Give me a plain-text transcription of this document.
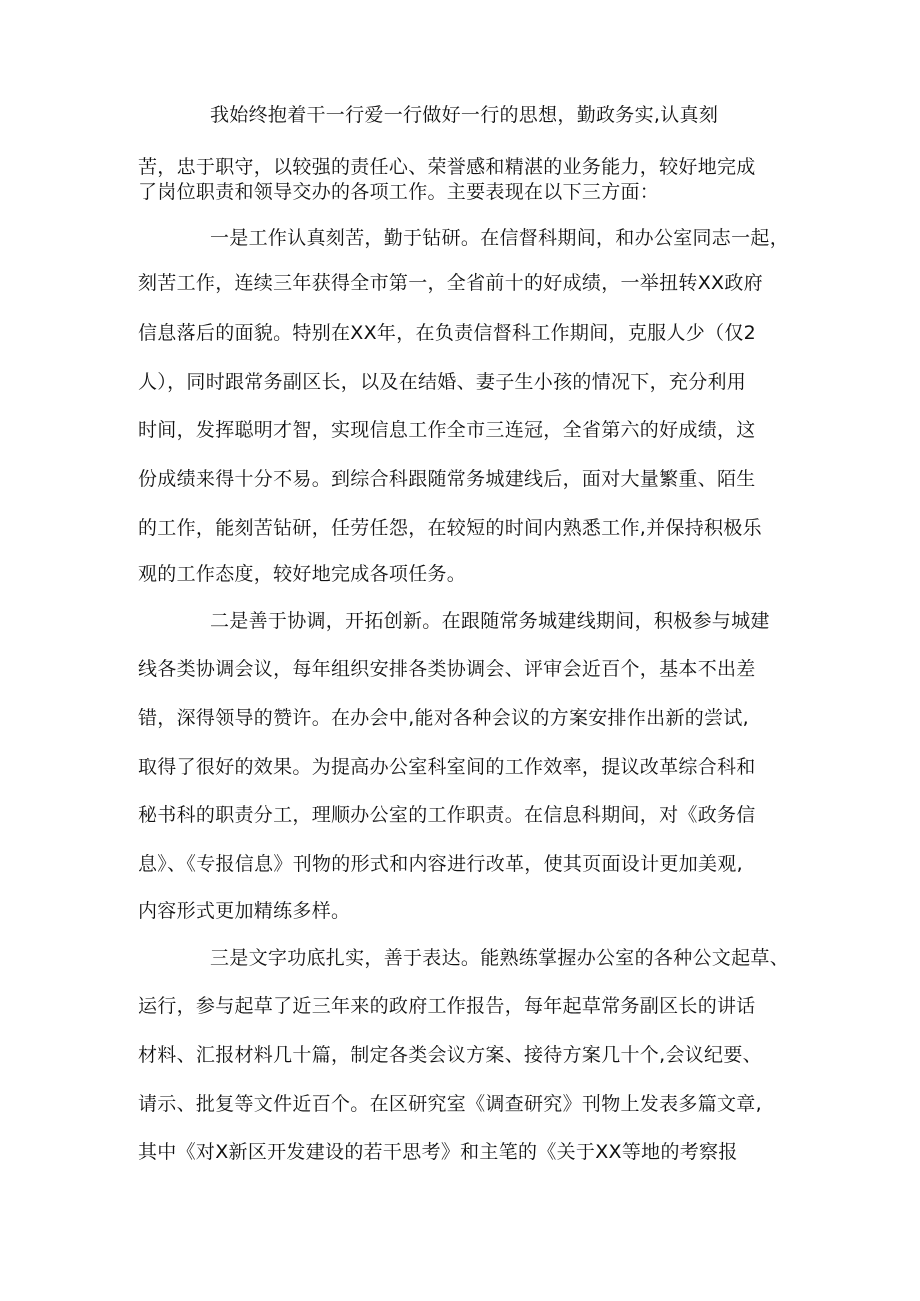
我始终抱着干一行爱一行做好一行的思想，勤政务实,认真刻
苦，忠于职守，以较强的责任心、荣誉感和精湛的业务能力，较好地完成
了岗位职责和领导交办的各项工作。主要表现在以下三方面：
一是工作认真刻苦，勤于钻研。在信督科期间，和办公室同志一起，
刻苦工作，连续三年获得全市第一，全省前十的好成绩，一举扭转XX政府
信息落后的面貌。特别在XX年，在负责信督科工作期间，克服人少（仅2
人），同时跟常务副区长，以及在结婚、妻子生小孩的情况下，充分利用
时间，发挥聪明才智，实现信息工作全市三连冠，全省第六的好成绩，这
份成绩来得十分不易。到综合科跟随常务城建线后，面对大量繁重、陌生
的工作，能刻苦钻研，任劳任怨，在较短的时间内熟悉工作,并保持积极乐
观的工作态度，较好地完成各项任务。
二是善于协调，开拓创新。在跟随常务城建线期间，积极参与城建
线各类协调会议，每年组织安排各类协调会、评审会近百个，基本不出差
错，深得领导的赞许。在办会中,能对各种会议的方案安排作出新的尝试,
取得了很好的效果。为提高办公室科室间的工作效率，提议改革综合科和
秘书科的职责分工，理顺办公室的工作职责。在信息科期间，对《政务信
息》、《专报信息》刊物的形式和内容进行改革，使其页面设计更加美观,
内容形式更加精练多样。
三是文字功底扎实，善于表达。能熟练掌握办公室的各种公文起草、
运行，参与起草了近三年来的政府工作报告，每年起草常务副区长的讲话
材料、汇报材料几十篇，制定各类会议方案、接待方案几十个,会议纪要、
请示、批复等文件近百个。在区研究室《调查研究》刊物上发表多篇文章,
其中《对X新区开发建设的若干思考》和主笔的《关于XX等地的考察报
